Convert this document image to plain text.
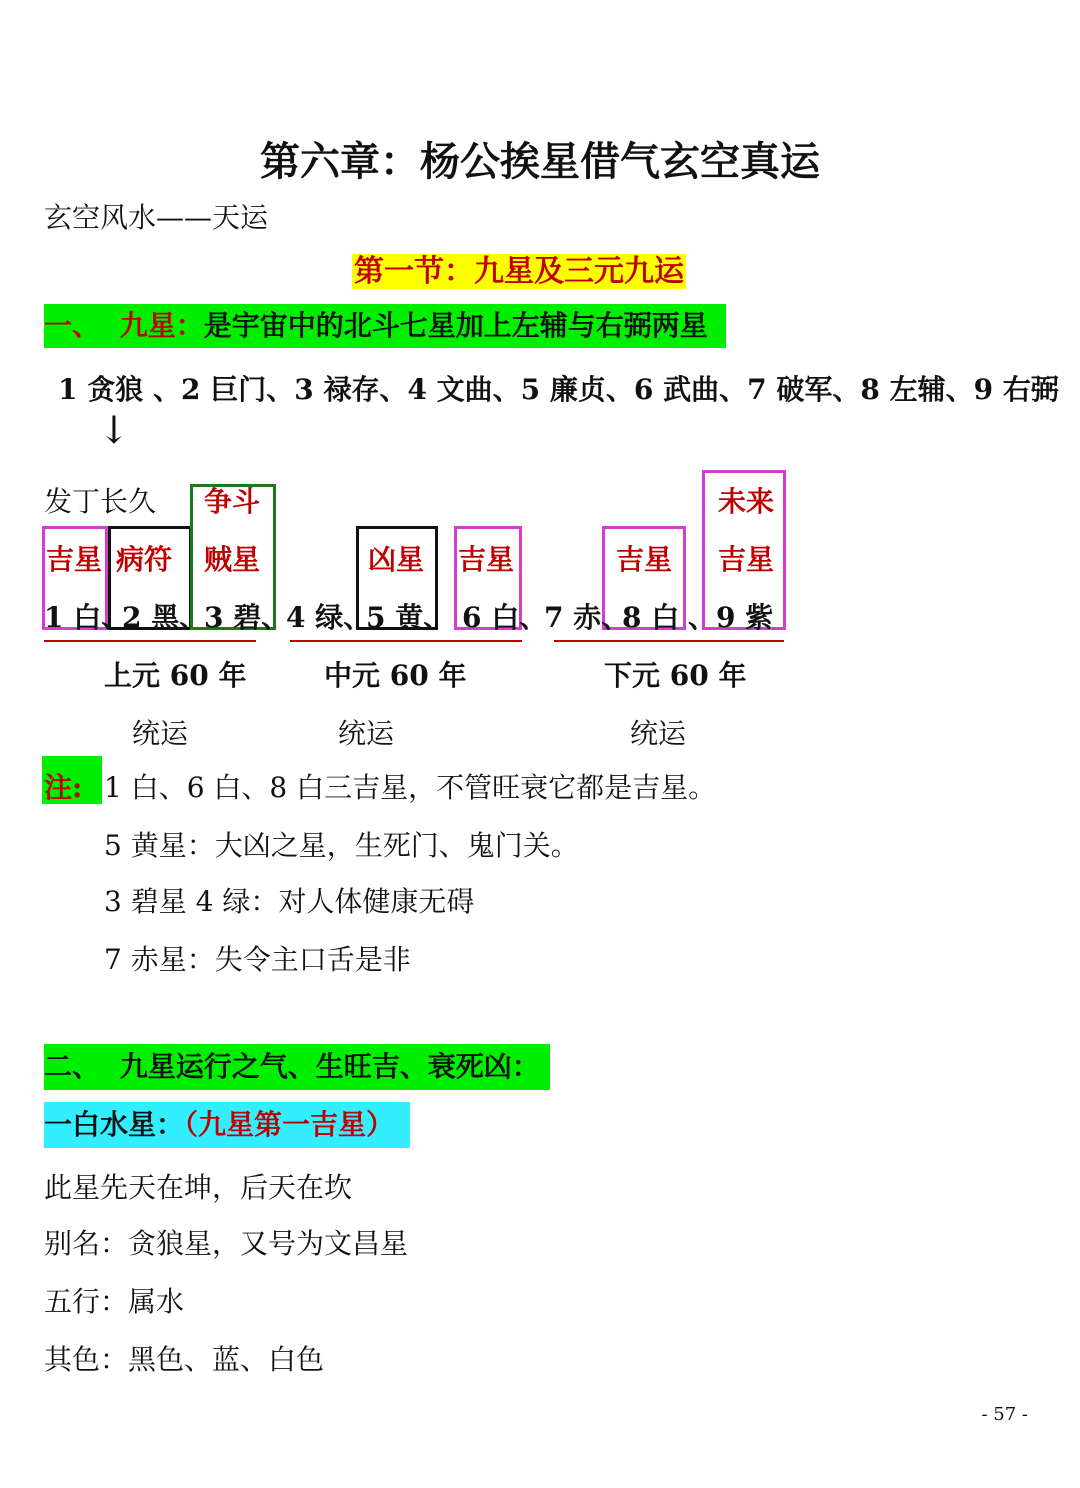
第六章：杨公挨星借气玄空真运
玄空风水——天运
第一节：九星及三元九运
一、 九星：是宇宙中的北斗七星加上左辅与右弼两星
1 贪狼 、2 巨门、3 禄存、4 文曲、5 廉贞、6 武曲、7 破军、8 左辅、9 右弼
↓
发丁长久
吉星 病符
争斗
贼星	凶星 吉星	吉星
未来
吉星
1 白、
2 黑、
3 碧、
4 绿、
5 黄、 6 白、
7 赤、
8 白 、9 紫
上元 60 年	中元 60 年	下元 60 年
统运	统运	统运
注: 1 白、6 白、8 白三吉星，不管旺衰它都是吉星。
5 黄星：大凶之星，生死门、鬼门关。
3 碧星 4 绿：对人体健康无碍
7 赤星：失令主口舌是非
二、 九星运行之气、生旺吉、衰死凶：
一白水星：（九星第一吉星）
此星先天在坤，后天在坎
别名：贪狼星，又号为文昌星
五行：属水
其色：黑色、蓝、白色
- 57 -
